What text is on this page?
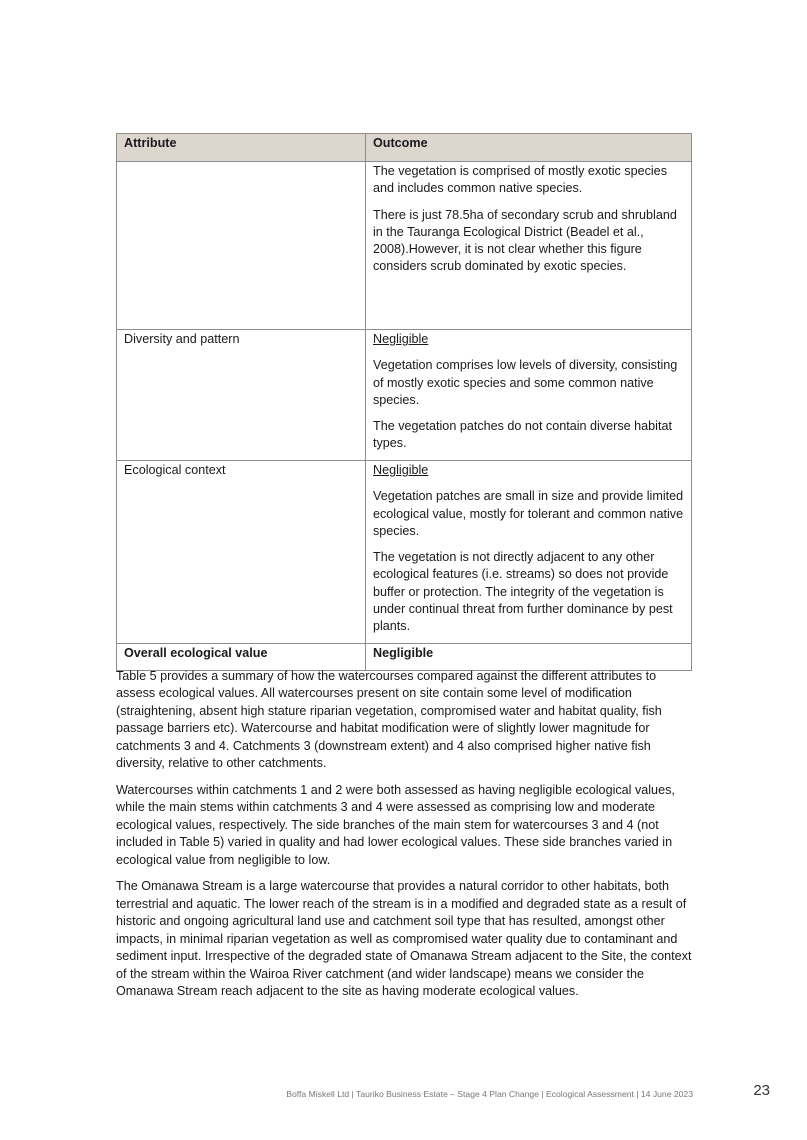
Attribute	Outcome

	The vegetation is comprised of mostly exotic species and includes common native species.

There is just 78.5ha of secondary scrub and shrubland in the Tauranga Ecological District (Beadel et al., 2008).However, it is not clear whether this figure considers scrub dominated by exotic species.

Diversity and pattern	Negligible

Vegetation comprises low levels of diversity, consisting of mostly exotic species and some common native species.

The vegetation patches do not contain diverse habitat types.

Ecological context	Negligible

Vegetation patches are small in size and provide limited ecological value, mostly for tolerant and common native species.

The vegetation is not directly adjacent to any other ecological features (i.e. streams) so does not provide buffer or protection. The integrity of the vegetation is under continual threat from further dominance by pest plants.

Overall ecological value	Negligible

Table 5 provides a summary of how the watercourses compared against the different attributes to assess ecological values. All watercourses present on site contain some level of modification (straightening, absent high stature riparian vegetation, compromised water and habitat quality, fish passage barriers etc). Watercourse and habitat modification were of slightly lower magnitude for catchments 3 and 4. Catchments 3 (downstream extent) and 4 also comprised higher native fish diversity, relative to other catchments.

Watercourses within catchments 1 and 2 were both assessed as having negligible ecological values, while the main stems within catchments 3 and 4 were assessed as comprising low and moderate ecological values, respectively. The side branches of the main stem for watercourses 3 and 4 (not included in Table 5) varied in quality and had lower ecological values. These side branches varied in ecological value from negligible to low.

The Omanawa Stream is a large watercourse that provides a natural corridor to other habitats, both terrestrial and aquatic. The lower reach of the stream is in a modified and degraded state as a result of historic and ongoing agricultural land use and catchment soil type that has resulted, amongst other impacts, in minimal riparian vegetation as well as compromised water quality due to contaminant and sediment input. Irrespective of the degraded state of Omanawa Stream adjacent to the Site, the context of the stream within the Wairoa River catchment (and wider landscape) means we consider the Omanawa Stream reach adjacent to the site as having moderate ecological values.

Boffa Miskell Ltd | Tauriko Business Estate – Stage 4 Plan Change | Ecological Assessment | 14 June 2023	23
